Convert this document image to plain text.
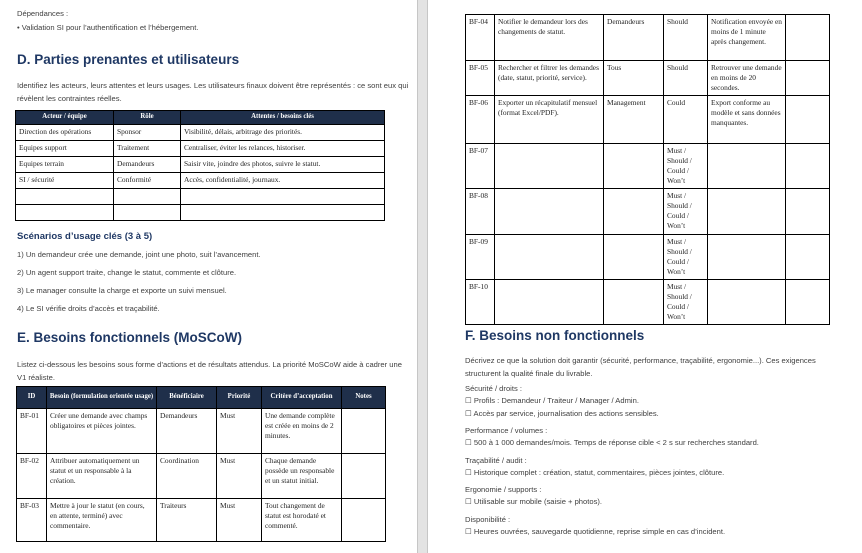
Dépendances :
• Validation SI pour l’authentification et l’hébergement.
D. Parties prenantes et utilisateurs
Identifiez les acteurs, leurs attentes et leurs usages. Les utilisateurs finaux doivent être représentés : ce sont eux qui révèlent les contraintes réelles.
Acteur / équipe	Rôle	Attentes / besoins clés
Direction des opérations	Sponsor	Visibilité, délais, arbitrage des priorités.
Equipes support	Traitement	Centraliser, éviter les relances, historiser.
Equipes terrain	Demandeurs	Saisir vite, joindre des photos, suivre le statut.
SI / sécurité	Conformité	Accès, confidentialité, journaux.

Scénarios d’usage clés (3 à 5)
1) Un demandeur crée une demande, joint une photo, suit l’avancement.
2) Un agent support traite, change le statut, commente et clôture.
3) Le manager consulte la charge et exporte un suivi mensuel.
4) Le SI vérifie droits d’accès et traçabilité.
E. Besoins fonctionnels (MoSCoW)
Listez ci-dessous les besoins sous forme d’actions et de résultats attendus. La priorité MoSCoW aide à cadrer une V1 réaliste.
ID	Besoin (formulation orientée usage)	Bénéficiaire	Priorité	Critère d’acceptation	Notes
BF-01	Créer une demande avec champs obligatoires et pièces jointes.	Demandeurs	Must	Une demande complète est créée en moins de 2 minutes.	
BF-02	Attribuer automatiquement un statut et un responsable à la création.	Coordination	Must	Chaque demande possède un responsable et un statut initial.	
BF-03	Mettre à jour le statut (en cours, en attente, terminé) avec commentaire.	Traiteurs	Must	Tout changement de statut est horodaté et commenté.	
BF-04	Notifier le demandeur lors des changements de statut.	Demandeurs	Should	Notification envoyée en moins de 1 minute après changement.	
BF-05	Rechercher et filtrer les demandes (date, statut, priorité, service).	Tous	Should	Retrouver une demande en moins de 20 secondes.	
BF-06	Exporter un récapitulatif mensuel (format Excel/PDF).	Management	Could	Export conforme au modèle et sans données manquantes.	
BF-07			Must / Should / Could / Won’t		
BF-08			Must / Should / Could / Won’t		
BF-09			Must / Should / Could / Won’t		
BF-10			Must / Should / Could / Won’t		
F. Besoins non fonctionnels
Décrivez ce que la solution doit garantir (sécurité, performance, traçabilité, ergonomie...). Ces exigences structurent la qualité finale du livrable.
Sécurité / droits :
☐ Profils : Demandeur / Traiteur / Manager / Admin.
☐ Accès par service, journalisation des actions sensibles.
Performance / volumes :
☐ 500 à 1 000 demandes/mois. Temps de réponse cible < 2 s sur recherches standard.
Traçabilité / audit :
☐ Historique complet : création, statut, commentaires, pièces jointes, clôture.
Ergonomie / supports :
☐ Utilisable sur mobile (saisie + photos).
Disponibilité :
☐ Heures ouvrées, sauvegarde quotidienne, reprise simple en cas d’incident.
